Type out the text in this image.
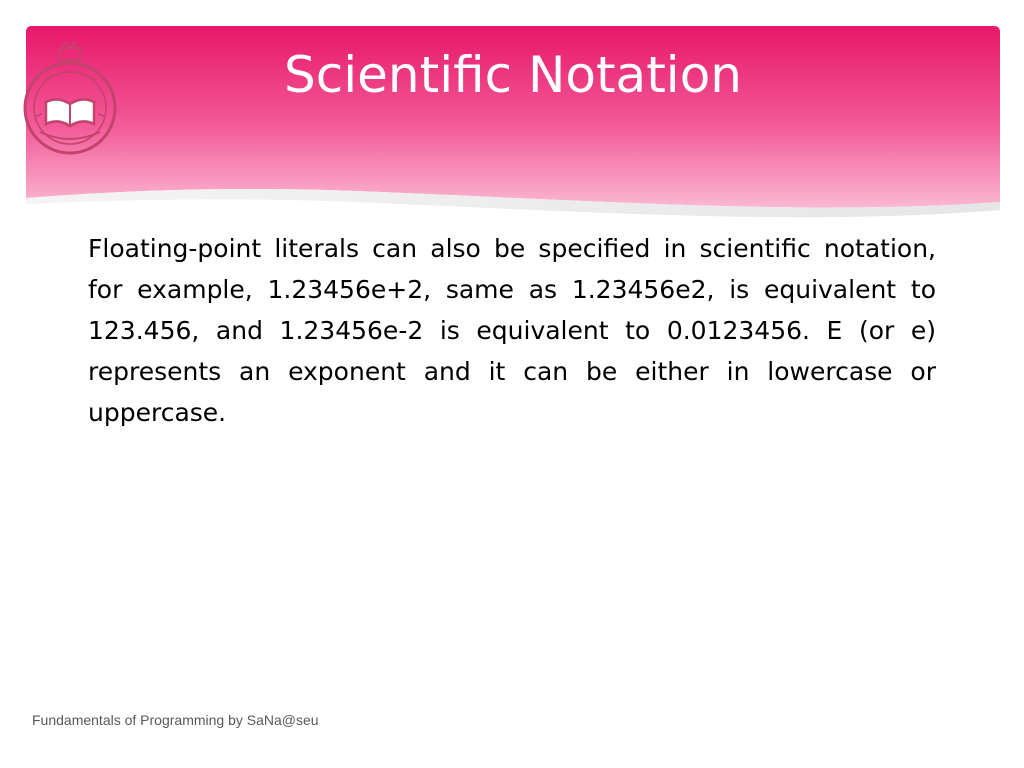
Scientific Notation

Floating-point literals can also be specified in scientific notation, for example, 1.23456e+2, same as 1.23456e2, is equivalent to 123.456, and 1.23456e-2 is equivalent to 0.0123456. E (or e) represents an exponent and it can be either in lowercase or uppercase.

Fundamentals of Programming by SaNa@seu
